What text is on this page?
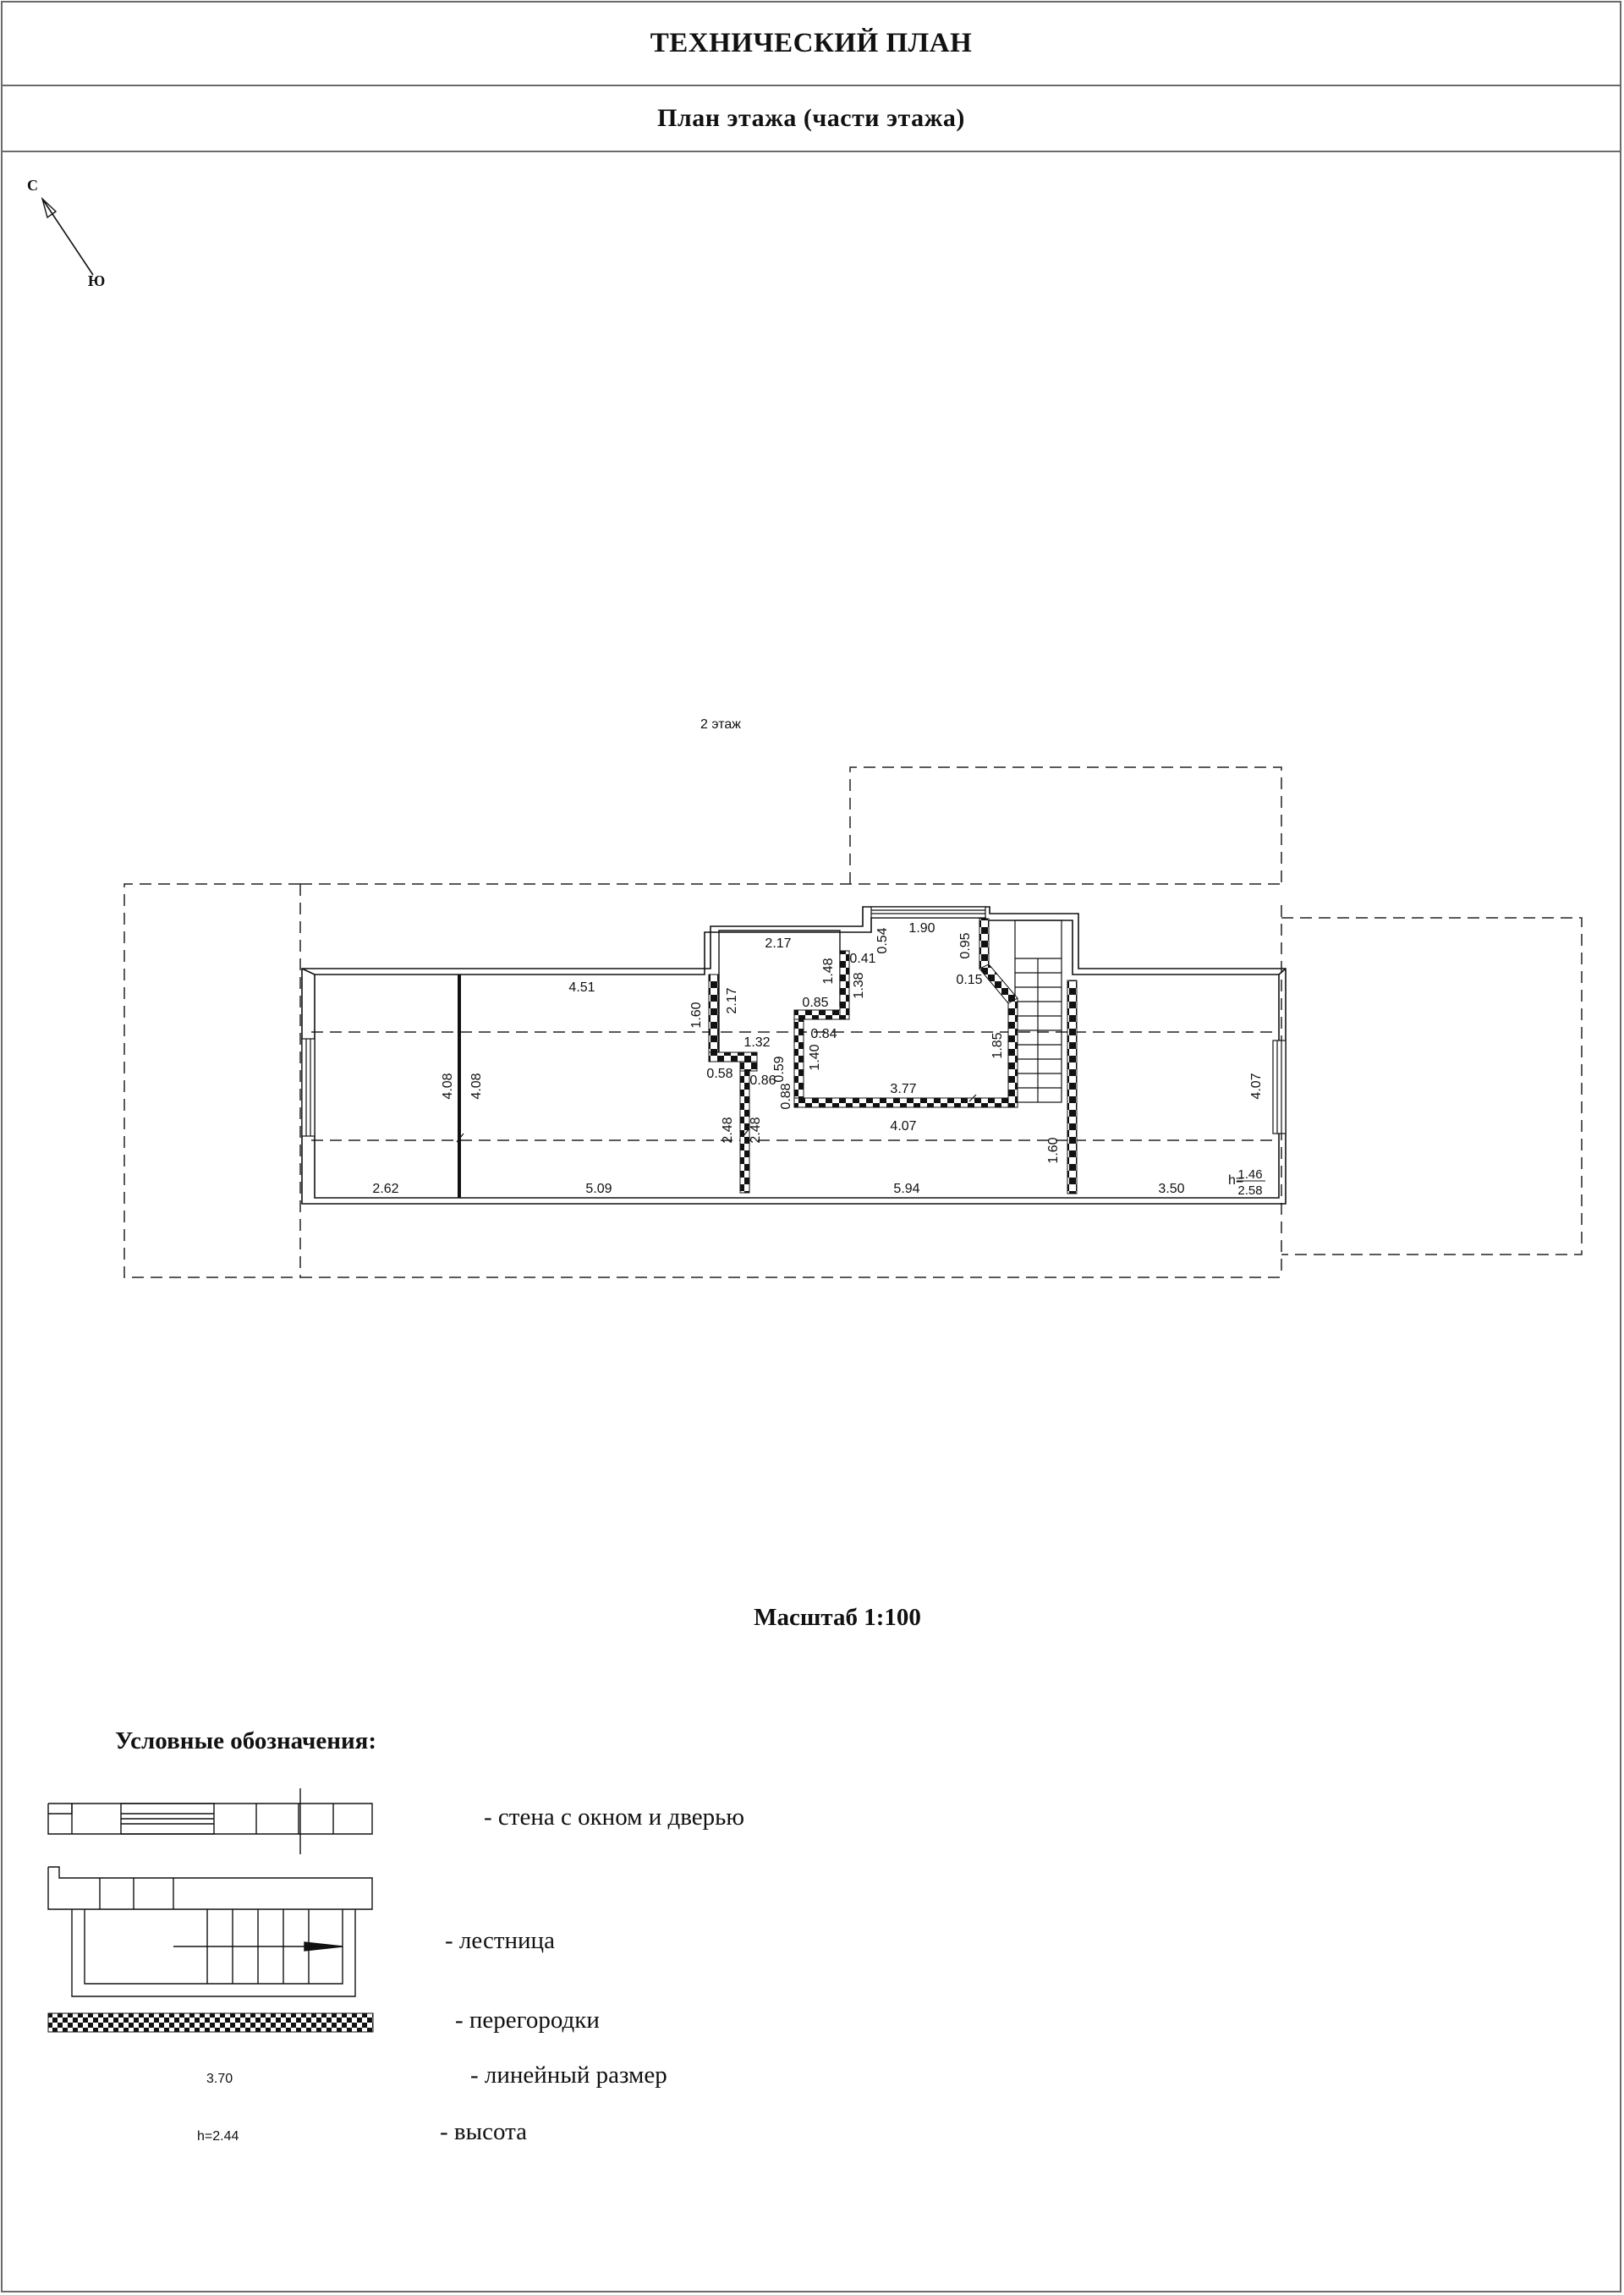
ТЕХНИЧЕСКИЙ ПЛАН
План этажа (части этажа)
С
Ю
2 этаж
4.51
2.17
1.90
0.54	0.95
0.15
0.41
1.48
1.38
1.60
2.17	0.85
0.84
1.32
0.59 1.40
0.58 0.86
0.88	3.77
1.85
4.07
4.08 4.08
2.48 2.48
1.60
4.07
2.62	5.09	5.94	3.50
h=
1.46
2.58
Масштаб 1:100
Условные обозначения:
- стена с окном и дверью
- лестница
- перегородки
3.70	- линейный размер
h=2.44	- высота
